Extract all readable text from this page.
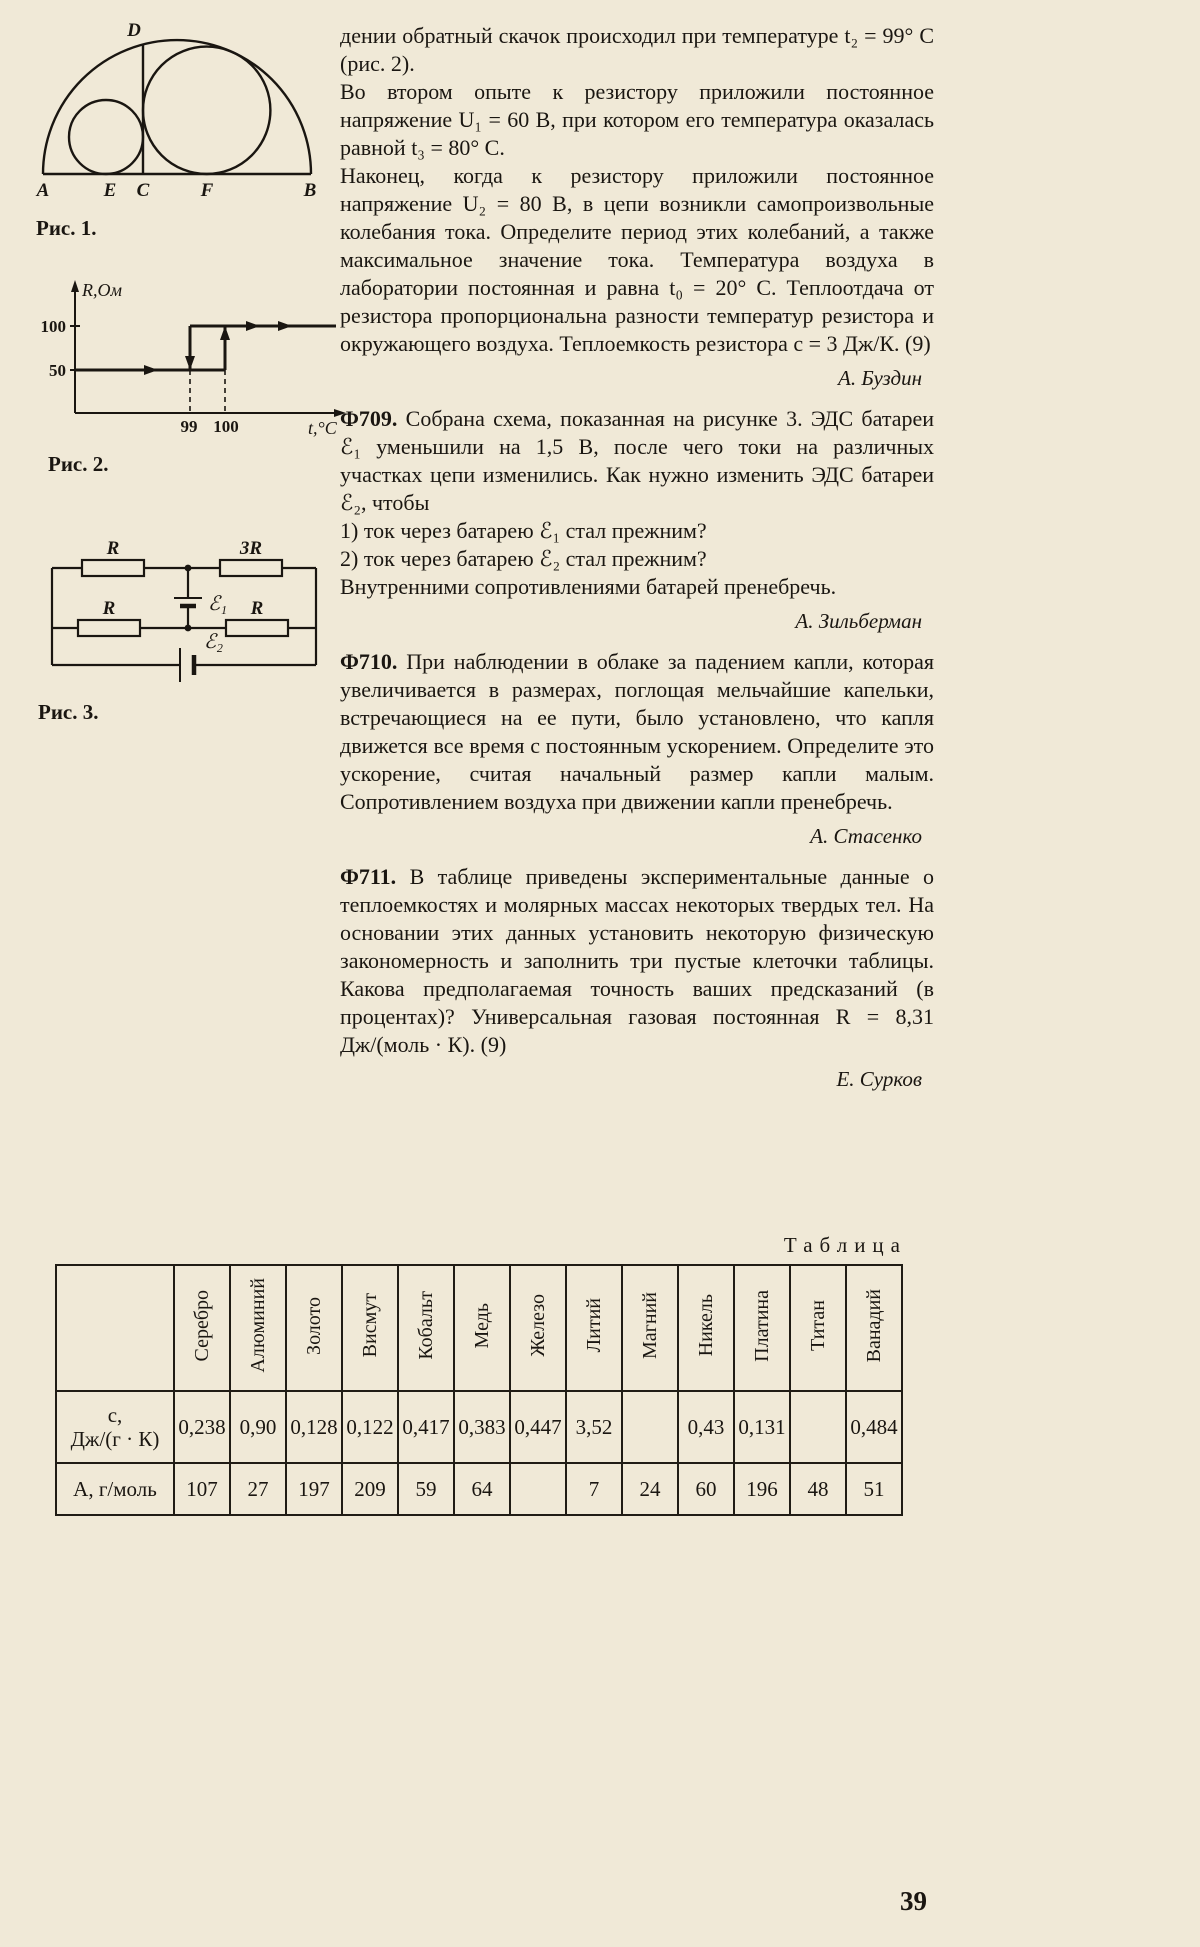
D
A	E C	F	B
Рис. 1.
R,Ом
100
50
99 100	t,°C
Рис. 2.
R	3R
R	R
ℰ₁
ℰ₂
Рис. 3.

дении обратный скачок происходил при температуре t₂ = 99° С (рис. 2).

Во втором опыте к резистору приложили постоянное напряжение U₁ = 60 В, при котором его температура оказалась равной t₃ = 80° С.

Наконец, когда к резистору приложили постоянное напряжение U₂ = 80 В, в цепи возникли самопроизвольные колебания тока. Определите период этих колебаний, а также максимальное значение тока. Температура воздуха в лаборатории постоянная и равна t₀ = 20° С. Теплоотдача от резистора пропорциональна разности температур резистора и окружающего воздуха. Теплоемкость резистора c = 3 Дж/К. (9)

А. Буздин

Ф709. Собрана схема, показанная на рисунке 3. ЭДС батареи ℰ₁ уменьшили на 1,5 В, после чего токи на различных участках цепи изменились. Как нужно изменить ЭДС батареи ℰ₂, чтобы

1) ток через батарею ℰ₁ стал прежним?
2) ток через батарею ℰ₂ стал прежним?

Внутренними сопротивлениями батарей пренебречь.

А. Зильберман

Ф710. При наблюдении в облаке за падением капли, которая увеличивается в размерах, поглощая мельчайшие капельки, встречающиеся на ее пути, было установлено, что капля движется все время с постоянным ускорением. Определите это ускорение, считая начальный размер капли малым. Сопротивлением воздуха при движении капли пренебречь.

А. Стасенко

Ф711. В таблице приведены экспериментальные данные о теплоемкостях и молярных массах некоторых твердых тел. На основании этих данных установить некоторую физическую закономерность и заполнить три пустые клеточки таблицы. Какова предполагаемая точность ваших предсказаний (в процентах)? Универсальная газовая постоянная R = 8,31 Дж/(моль · К). (9)

Е. Сурков
Таблица
	Серебро	Алюминий	Золото	Висмут	Кобальт	Медь	Железо	Литий	Магний	Никель	Платина	Титан	Ванадий

c,
Дж/(г · К)	0,238	0,90	0,128	0,122	0,417	0,383	0,447	3,52		0,43	0,131		0,484
А, г/моль	107	27	197	209	59	64		7	24	60	196	48	51
39
